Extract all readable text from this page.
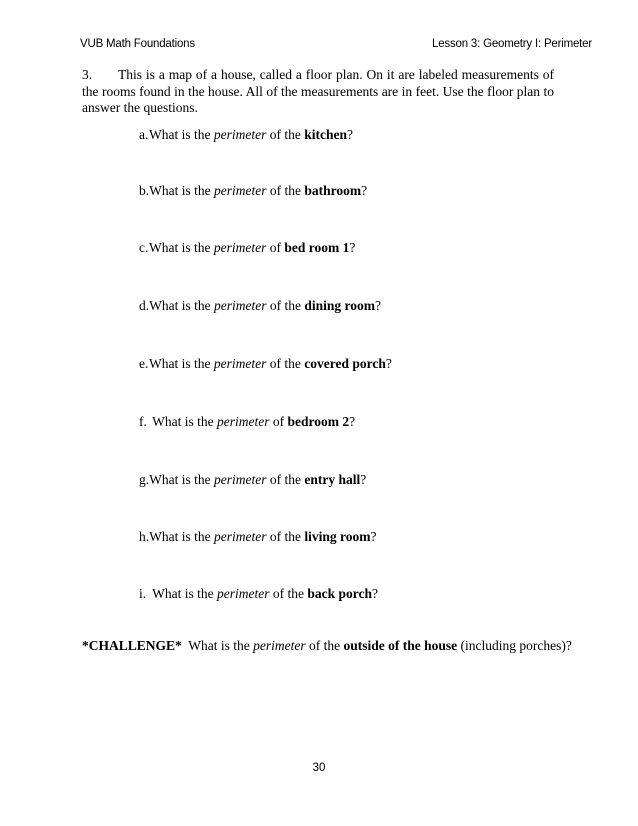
VUB Math Foundations	Lesson 3: Geometry I: Perimeter
3. This is a map of a house, called a floor plan. On it are labeled measurements of the rooms found in the house. All of the measurements are in feet. Use the floor plan to answer the questions.
a.What is the perimeter of the kitchen?
b.What is the perimeter of the bathroom?
c.What is the perimeter of bed room 1?
d.What is the perimeter of the dining room?
e.What is the perimeter of the covered porch?
f. What is the perimeter of bedroom 2?
g.What is the perimeter of the entry hall?
h.What is the perimeter of the living room?
i. What is the perimeter of the back porch?
*CHALLENGE*  What is the perimeter of the outside of the house (including porches)?
30
